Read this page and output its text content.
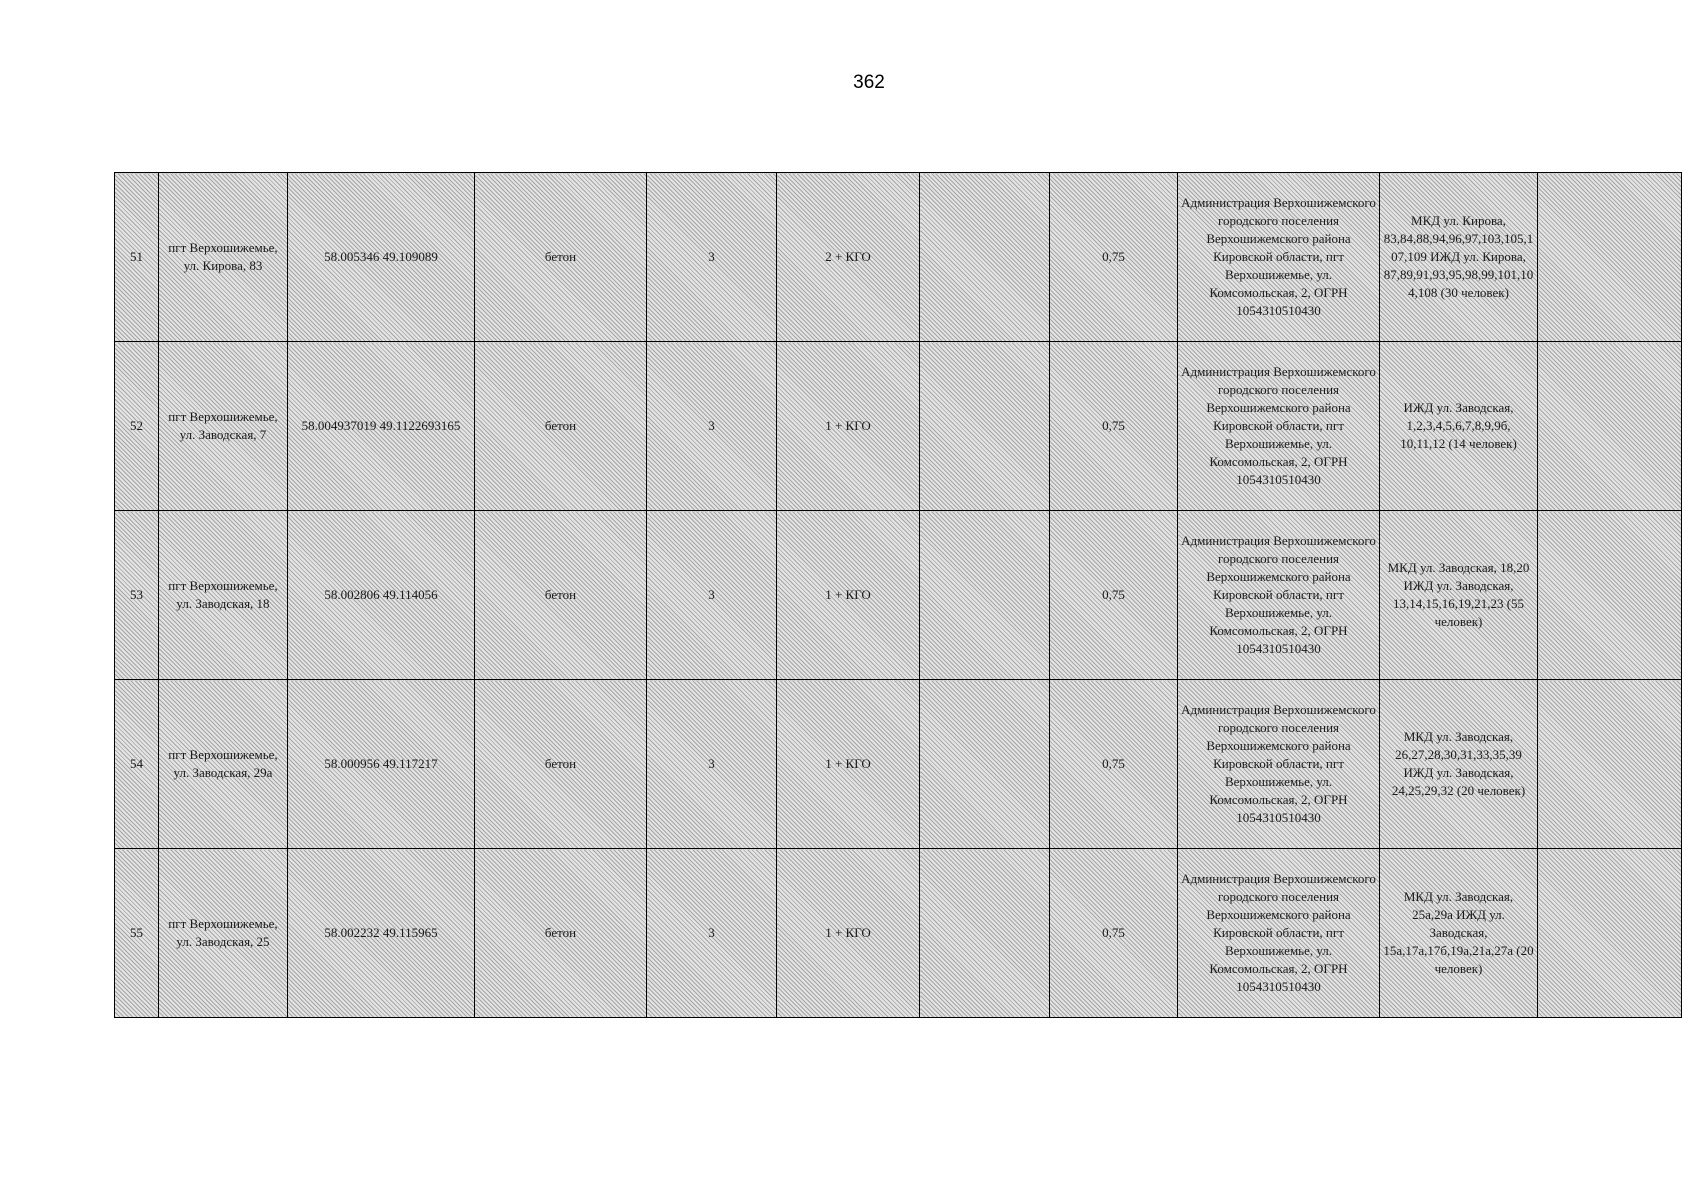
362
51	пгт Верхошижемье, ул. Кирова, 83	58.005346 49.109089	бетон	3	2 + КГО		0,75	Администрация Верхошижемского городского поселения Верхошижемского района Кировской области, пгт Верхошижемье, ул. Комсомольская, 2, ОГРН 1054310510430	МКД ул. Кирова, 83,84,88,94,96,97,103,105,107,109 ИЖД ул. Кирова, 87,89,91,93,95,98,99,101,104,108 (30 человек)	
52	пгт Верхошижемье, ул. Заводская, 7	58.004937019 49.1122693165	бетон	3	1 + КГО		0,75	Администрация Верхошижемского городского поселения Верхошижемского района Кировской области, пгт Верхошижемье, ул. Комсомольская, 2, ОГРН 1054310510430	ИЖД ул. Заводская, 1,2,3,4,5,6,7,8,9,9б, 10,11,12 (14 человек)	
53	пгт Верхошижемье, ул. Заводская, 18	58.002806 49.114056	бетон	3	1 + КГО		0,75	Администрация Верхошижемского городского поселения Верхошижемского района Кировской области, пгт Верхошижемье, ул. Комсомольская, 2, ОГРН 1054310510430	МКД ул. Заводская, 18,20 ИЖД ул. Заводская, 13,14,15,16,19,21,23 (55 человек)	
54	пгт Верхошижемье, ул. Заводская, 29а	58.000956 49.117217	бетон	3	1 + КГО		0,75	Администрация Верхошижемского городского поселения Верхошижемского района Кировской области, пгт Верхошижемье, ул. Комсомольская, 2, ОГРН 1054310510430	МКД ул. Заводская, 26,27,28,30,31,33,35,39 ИЖД ул. Заводская, 24,25,29,32 (20 человек)	
55	пгт Верхошижемье, ул. Заводская, 25	58.002232 49.115965	бетон	3	1 + КГО		0,75	Администрация Верхошижемского городского поселения Верхошижемского района Кировской области, пгт Верхошижемье, ул. Комсомольская, 2, ОГРН 1054310510430	МКД ул. Заводская, 25а,29а ИЖД ул. Заводская, 15а,17а,17б,19а,21а,27а (20 человек)	
